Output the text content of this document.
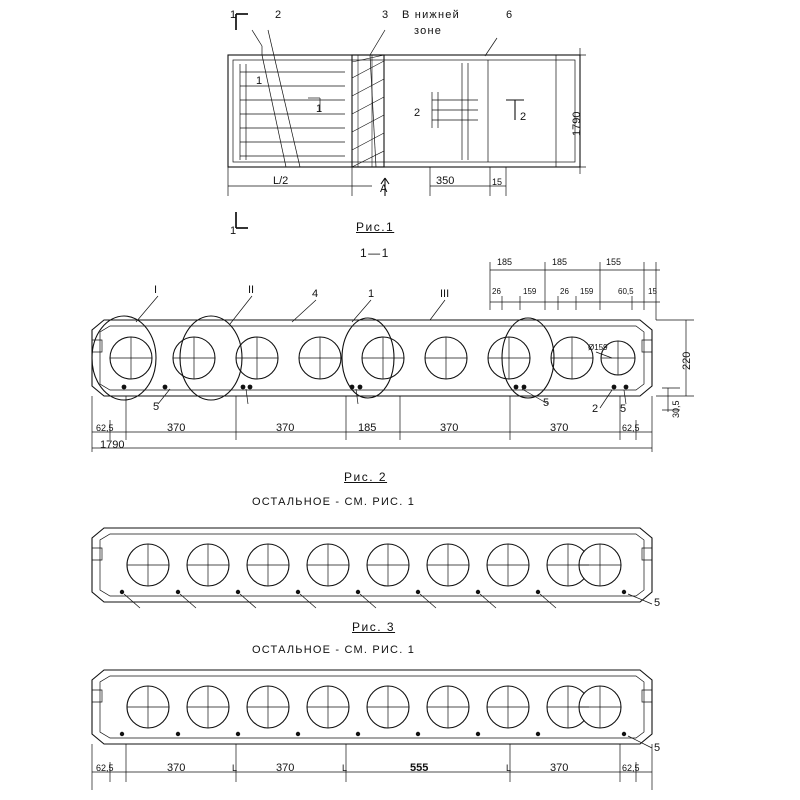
1	2	3 В нижней
зоне
6
1
1	2	2
L/2	350	15
1790
A
1	Рис.1
1—1
I	II	III
4	1
5	5	2 5
185	185	155
26	159	26 159	60,5 15
Ø159
220
30,5
62,5	370	370	185	370	370	62,5
1790
Рис. 2
ОСТАЛЬНОЕ - СМ. РИС. 1
5
Рис. 3
ОСТАЛЬНОЕ - СМ. РИС. 1
5
62,5	370	370	555	370	62,5
L	L	L
